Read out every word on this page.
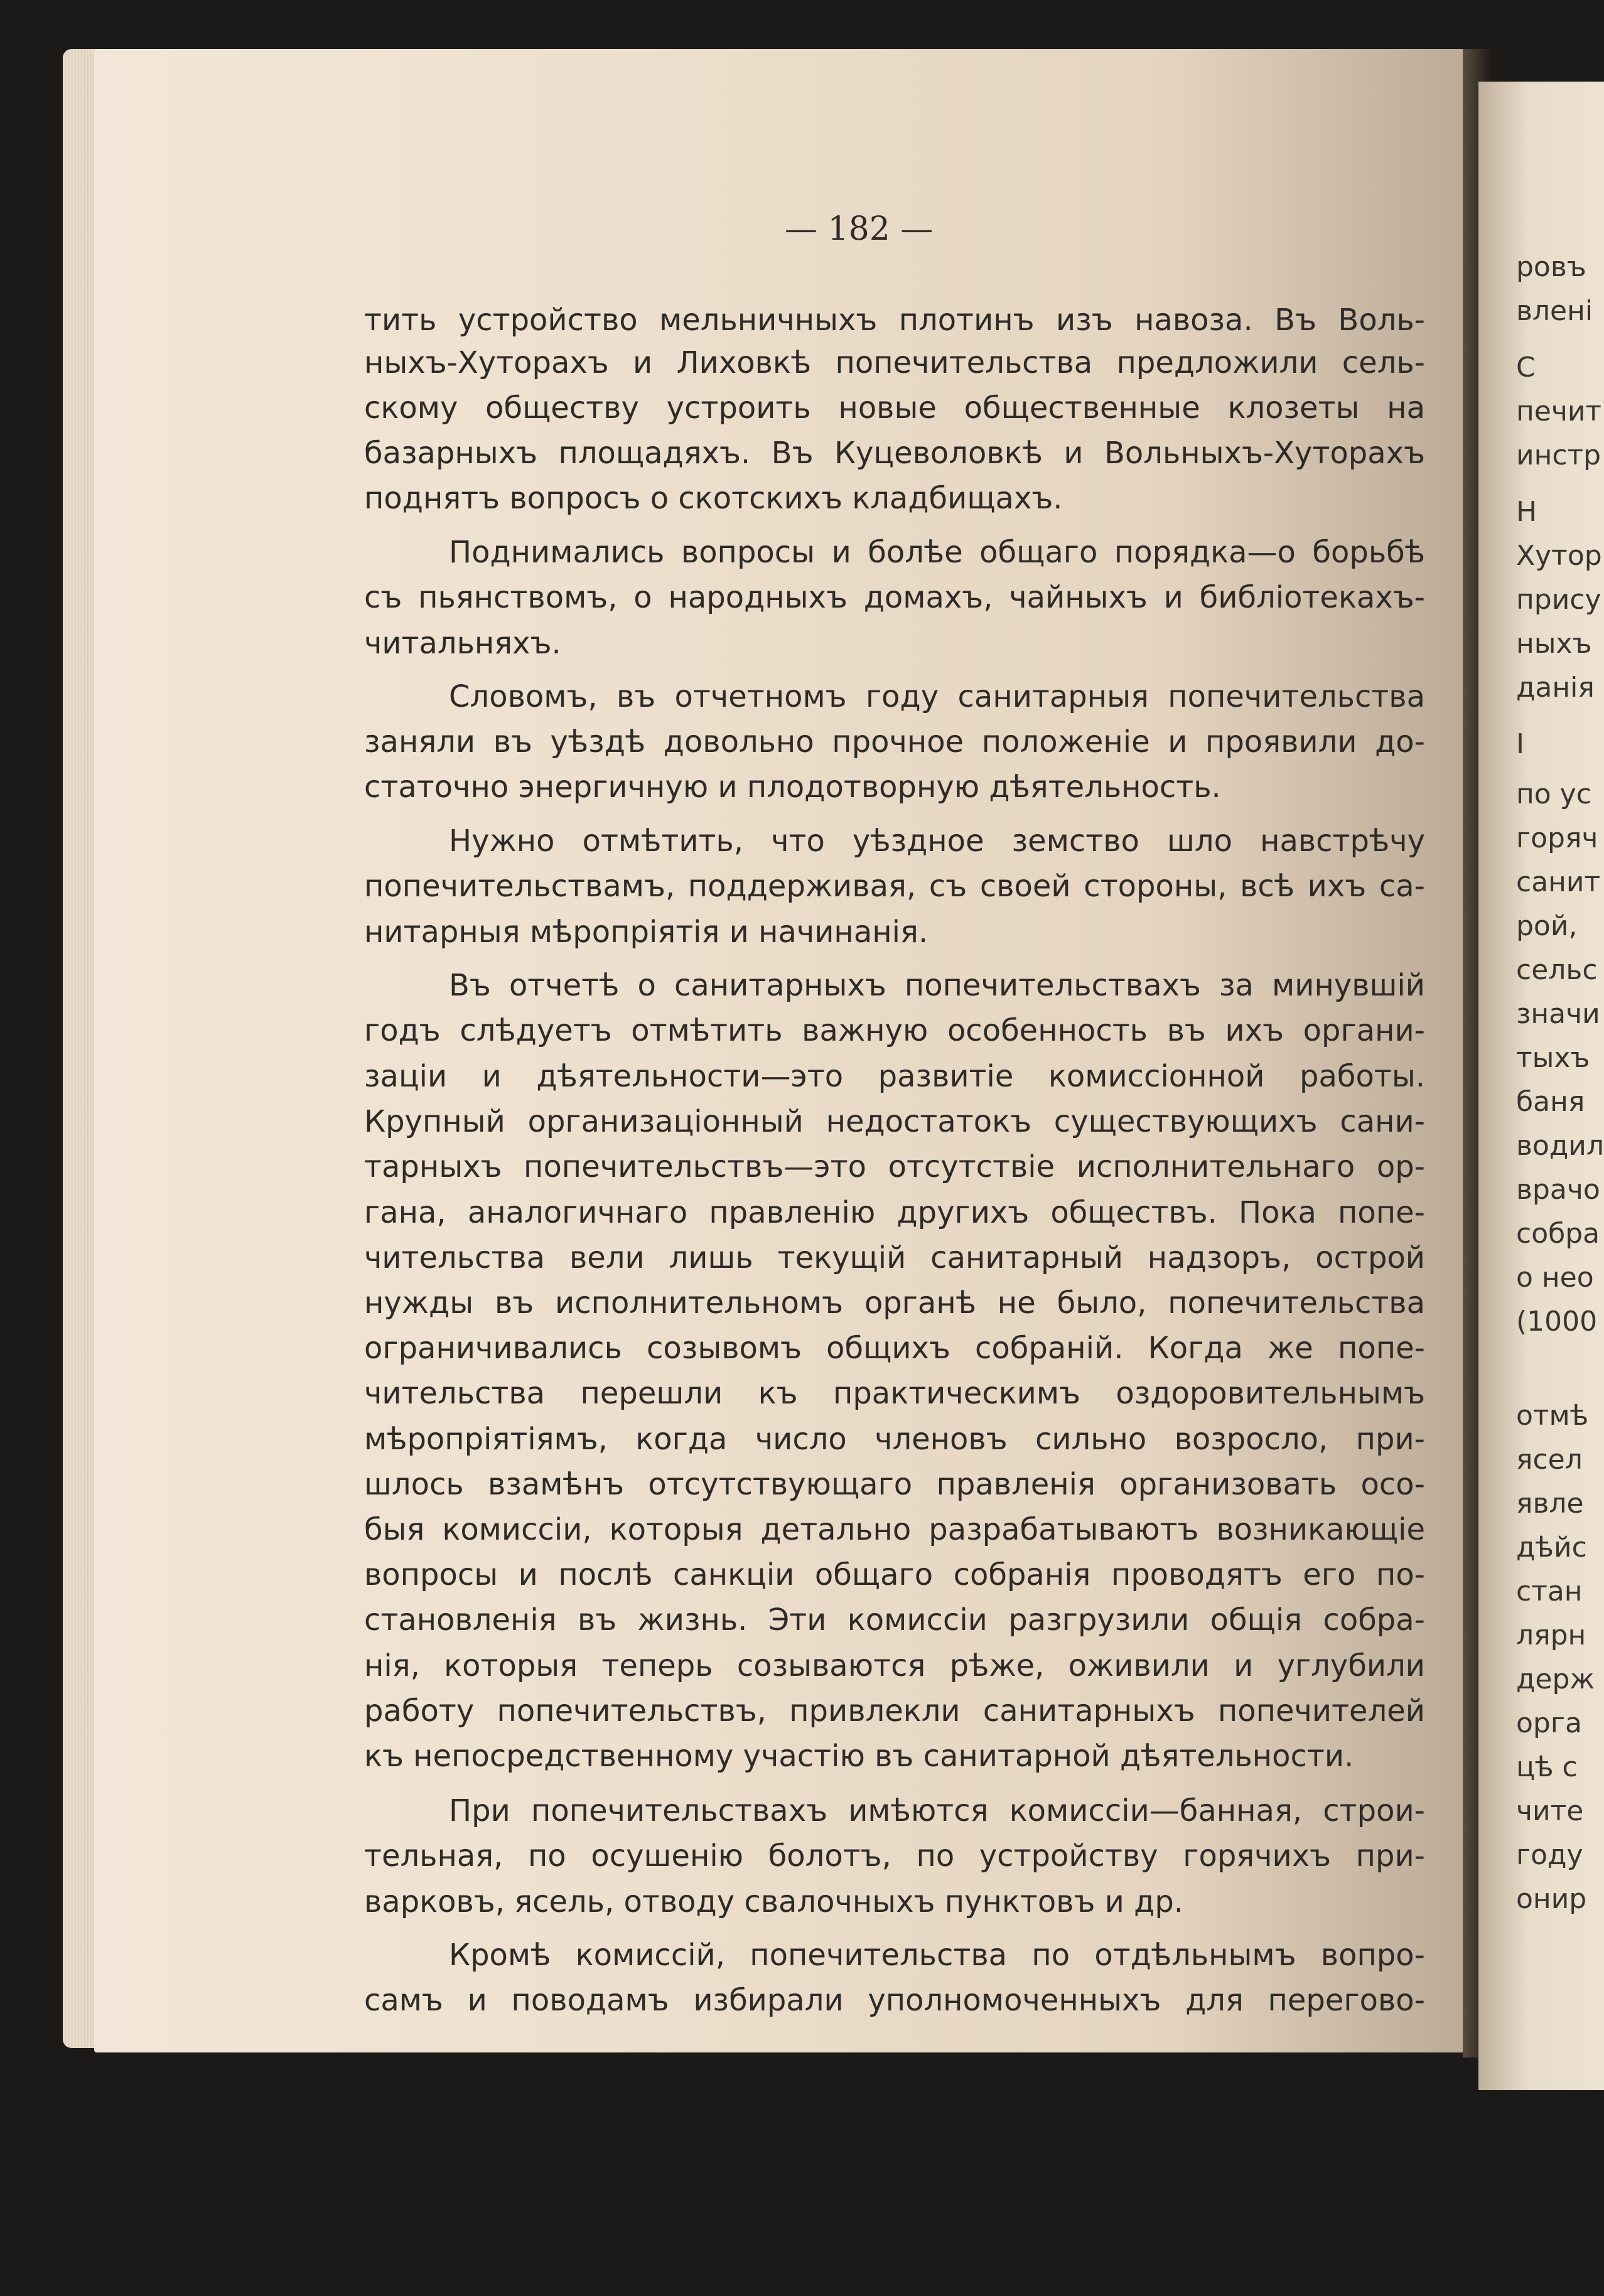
ровъ
влені
С
печит
инстр
Н
Хутор
прису
ныхъ
данія
I
по ус
горяч
санит
рой,
сельс
значи
тыхъ
баня
водил
врачо
собра
о нео
(1000
отмѣ
ясел
явле
дѣйс
стан
лярн
держ
орга
цѣ с
читe
году
онир
тить устройство мельничныхъ плотинъ изъ навоза. Въ Воль-
ныхъ-Хуторахъ и Лиховкѣ попечительства предложили сель-
скому обществу устроить новые общественные клозеты на
базарныхъ площадяхъ. Въ Куцеволовкѣ и Вольныхъ-Хуторахъ
поднятъ вопросъ о скотскихъ кладбищахъ.
Поднимались вопросы и болѣе общаго порядка—о борьбѣ
съ пьянствомъ, о народныхъ домахъ, чайныхъ и библіотекахъ-
читальняхъ.
Словомъ, въ отчетномъ году санитарныя попечительства
заняли въ уѣздѣ довольно прочное положеніе и проявили до-
статочно энергичную и плодотворную дѣятельность.
Нужно отмѣтить, что уѣздное земство шло навстрѣчу
попечительствамъ, поддерживая, съ своей стороны, всѣ ихъ са-
нитарныя мѣропріятія и начинанія.
Въ отчетѣ о санитарныхъ попечительствахъ за минувшій
годъ слѣдуетъ отмѣтить важную особенность въ ихъ органи-
заціи и дѣятельности—это развитіе комиссіонной работы.
Крупный организаціонный недостатокъ существующихъ сани-
тарныхъ попечительствъ—это отсутствіе исполнительнаго ор-
гана, аналогичнаго правленію другихъ обществъ. Пока попе-
чительства вели лишь текущій санитарный надзоръ, острой
нужды въ исполнительномъ органѣ не было, попечительства
ограничивались созывомъ общихъ собраній. Когда же попе-
чительства перешли къ практическимъ оздоровительнымъ
мѣропріятіямъ, когда число членовъ сильно возросло, при-
шлось взамѣнъ отсутствующаго правленія организовать осо-
быя комиссіи, которыя детально разрабатываютъ возникающіе
вопросы и послѣ санкціи общаго собранія проводятъ его по-
становленія въ жизнь. Эти комиссіи разгрузили общія собра-
нія, которыя теперь созываются рѣже, оживили и углубили
работу попечительствъ, привлекли санитарныхъ попечителей
къ непосредственному участію въ санитарной дѣятельности.
При попечительствахъ имѣются комиссіи—банная, строи-
тельная, по осушенію болотъ, по устройству горячихъ при-
варковъ, ясель, отводу свалочныхъ пунктовъ и др.
Кромѣ комиссій, попечительства по отдѣльнымъ вопро-
самъ и поводамъ избирали уполномоченныхъ для перегово-
